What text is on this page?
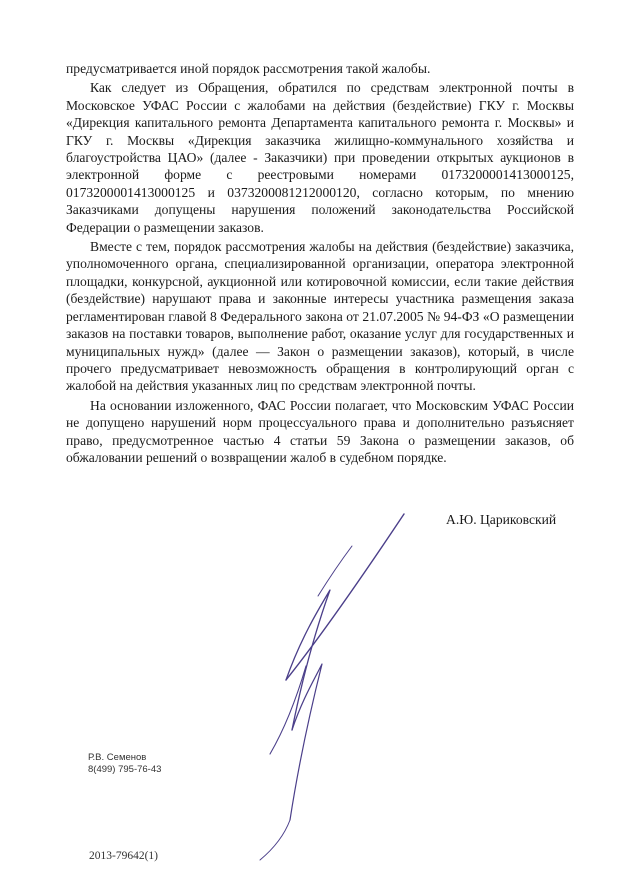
предусматривается иной порядок рассмотрения такой жалобы.

Как следует из Обращения, обратился по средствам электронной почты в Московское УФАС России с жалобами на действия (бездействие) ГКУ г. Москвы «Дирекция капитального ремонта Департамента капитального ремонта г. Москвы» и ГКУ г. Москвы «Дирекция заказчика жилищно-коммунального хозяйства и благоустройства ЦАО» (далее - Заказчики) при проведении открытых аукционов в электронной форме с реестровыми номерами 0173200001413000125, 0173200001413000125 и 0373200081212000120, согласно которым, по мнению Заказчиками допущены нарушения положений законодательства Российской Федерации о размещении заказов.

Вместе с тем, порядок рассмотрения жалобы на действия (бездействие) заказчика, уполномоченного органа, специализированной организации, оператора электронной площадки, конкурсной, аукционной или котировочной комиссии, если такие действия (бездействие) нарушают права и законные интересы участника размещения заказа регламентирован главой 8 Федерального закона от 21.07.2005 № 94-ФЗ «О размещении заказов на поставки товаров, выполнение работ, оказание услуг для государственных и муниципальных нужд» (далее — Закон о размещении заказов), который, в числе прочего предусматривает невозможность обращения в контролирующий орган с жалобой на действия указанных лиц по средствам электронной почты.

На основании изложенного, ФАС России полагает, что Московским УФАС России не допущено нарушений норм процессуального права и дополнительно разъясняет право, предусмотренное частью 4 статьи 59 Закона о размещении заказов, об обжаловании решений о возвращении жалоб в судебном порядке.

А.Ю. Цариковский
Р.В. Семенов
8(499) 795-76-43
2013-79642(1)
